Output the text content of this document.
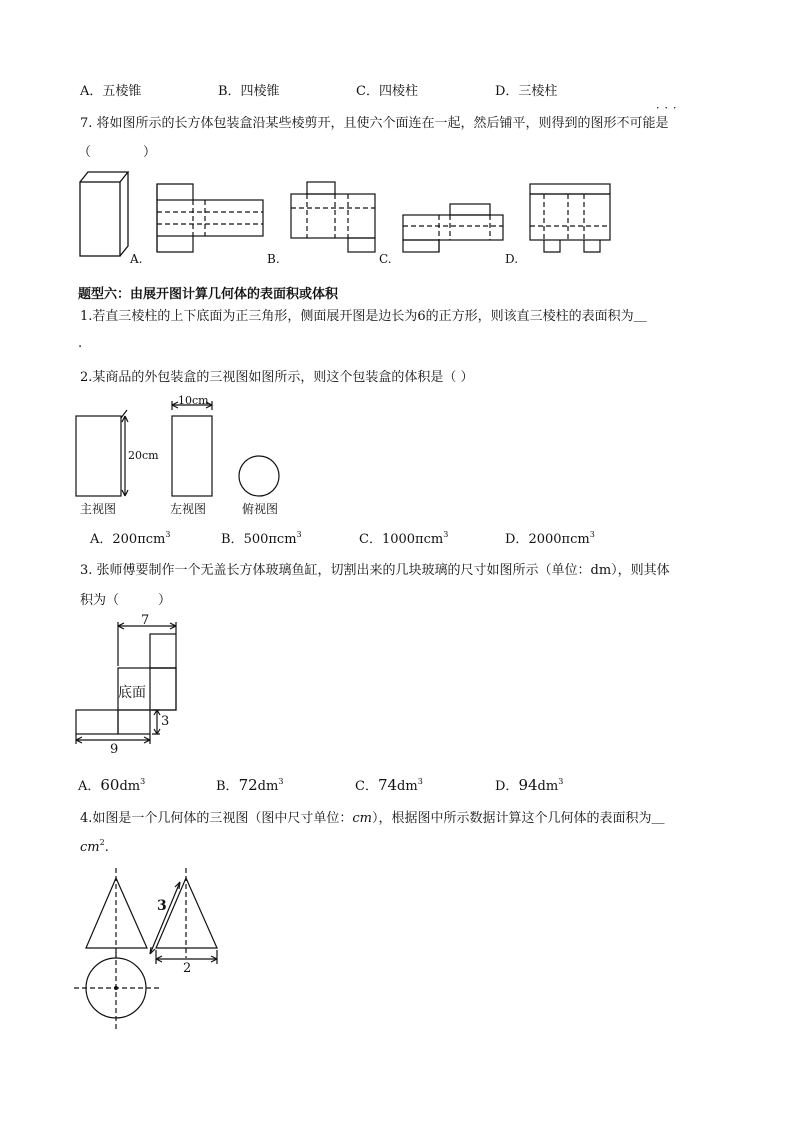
A．五棱锥	B．四棱锥	C．四棱柱	D．三棱柱
．．．
7. 将如图所示的长方体包装盒沿某些棱剪开，且使六个面连在一起，然后铺平，则得到的图形不可能是
（　　　　）
A.	B.	C.	D.
题型六：由展开图计算几何体的表面积或体积
1.若直三棱柱的上下底面为正三角形，侧面展开图是边长为6的正方形，则该直三棱柱的表面积为＿
.
2.某商品的外包装盒的三视图如图所示，则这个包装盒的体积是（ ）
10cm
20cm
主视图	左视图	俯视图
A．200πcm$^3$	B．500πcm$^3$	C．1000πcm$^3$	D．2000πcm$^3$
3. 张师傅要制作一个无盖长方体玻璃鱼缸，切割出来的几块玻璃的尺寸如图所示（单位：dm），则其体
积为（　　　）
7
底面
3
9
A．$60dm^3$	B．$72dm^3$	C．$74dm^3$	D．$94dm^3$
4.如图是一个几何体的三视图（图中尺寸单位：cm），根据图中所示数据计算这个几何体的表面积为＿
$cm^2$.
3
2
